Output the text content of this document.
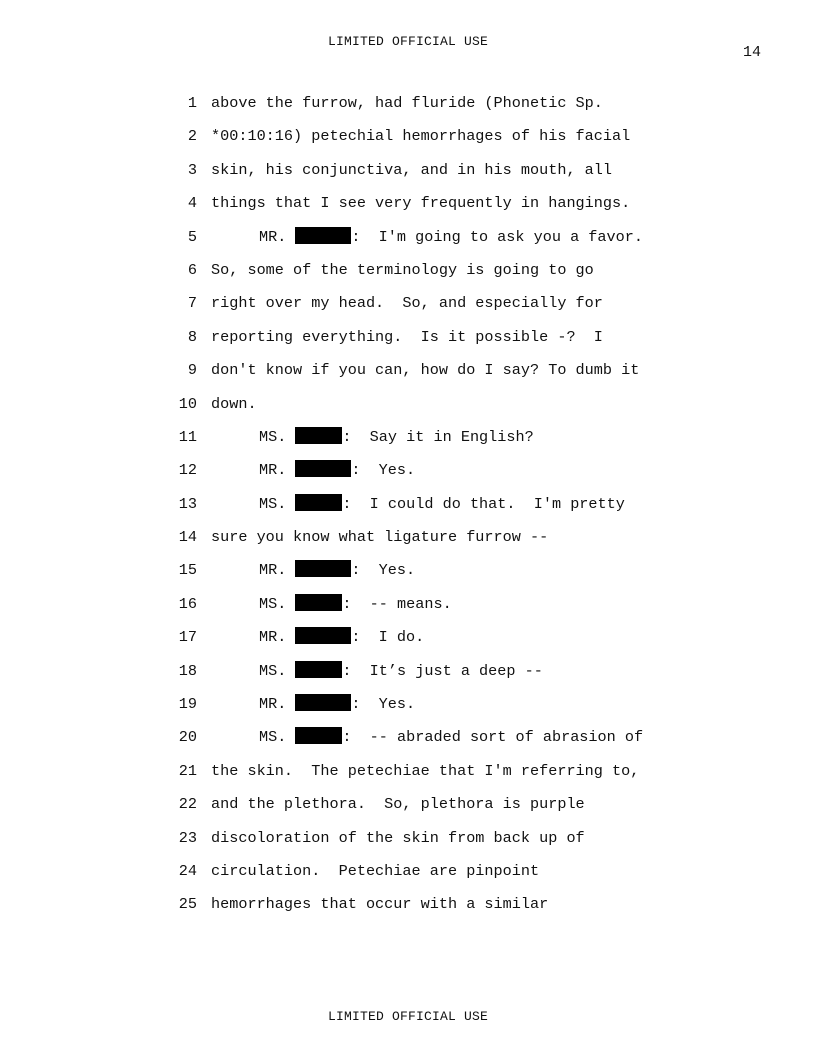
LIMITED OFFICIAL USE
14
1 above the furrow, had fluride (Phonetic Sp.
2 *00:10:16) petechial hemorrhages of his facial
3 skin, his conjunctiva, and in his mouth, all
4 things that I see very frequently in hangings.
5	MR.	:  I'm going to ask you a favor.
6 So, some of the terminology is going to go
7 right over my head.  So, and especially for
8 reporting everything.  Is it possible -?  I
9 don't know if you can, how do I say? To dumb it
10 down.
11	MS.	:  Say it in English?
12	MR.	:  Yes.
13	MS.	:  I could do that.  I'm pretty
14 sure you know what ligature furrow --
15	MR.	:  Yes.
16	MS.	:  -- means.
17	MR.	:  I do.
18	MS.	:  It’s just a deep --
19	MR.	:  Yes.
20	MS.	:  -- abraded sort of abrasion of
21 the skin.  The petechiae that I'm referring to,
22 and the plethora.  So, plethora is purple
23 discoloration of the skin from back up of
24 circulation.  Petechiae are pinpoint
25 hemorrhages that occur with a similar
LIMITED OFFICIAL USE
